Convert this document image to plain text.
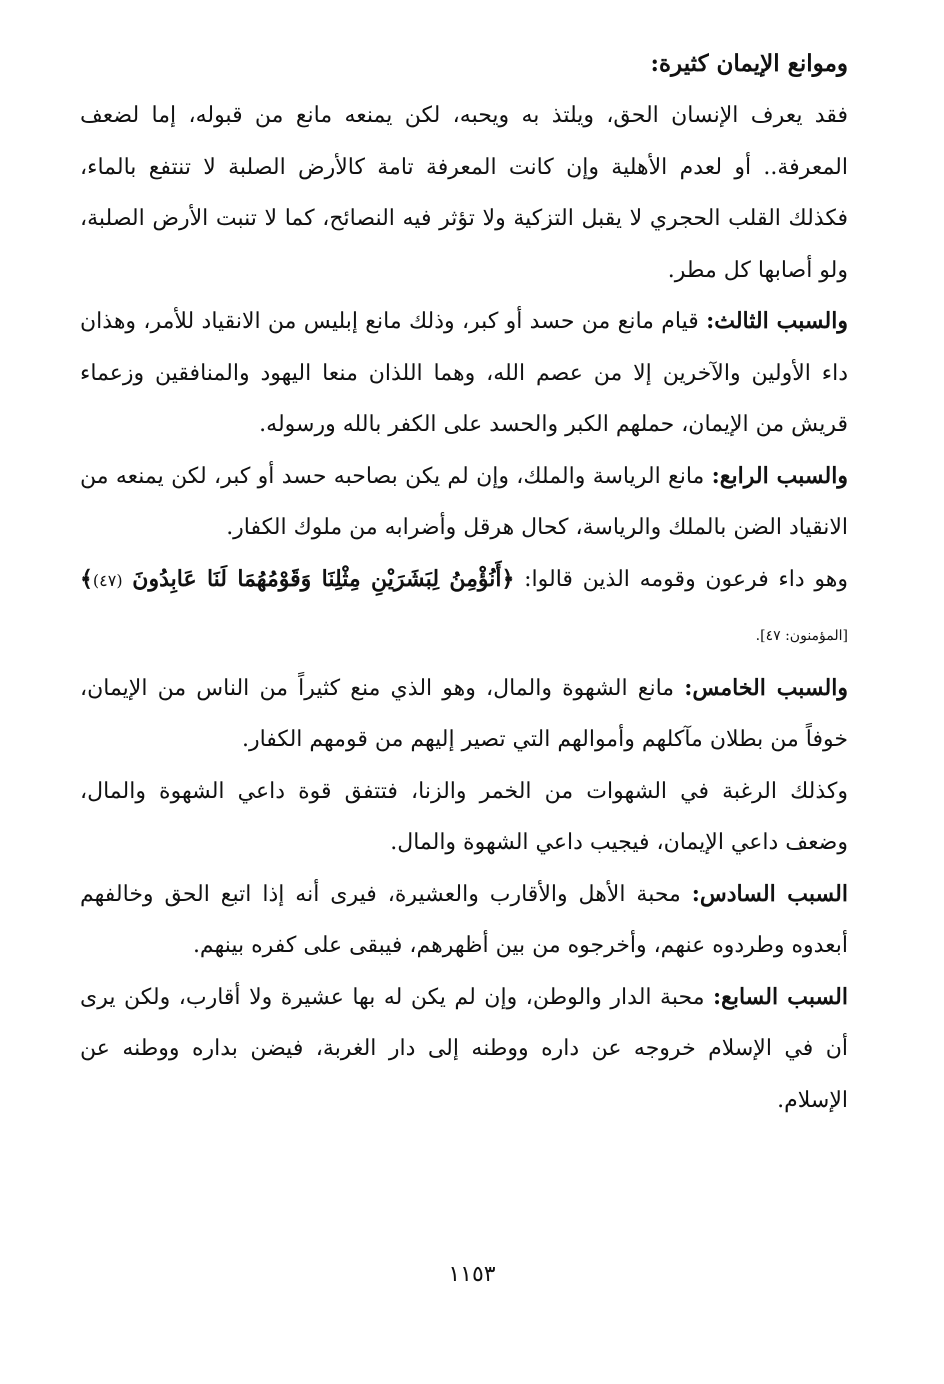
وموانع الإيمان كثيرة:

فقد يعرف الإنسان الحق، ويلتذ به ويحبه، لكن يمنعه مانع من قبوله، إما لضعف المعرفة.. أو لعدم الأهلية وإن كانت المعرفة تامة كالأرض الصلبة لا تنتفع بالماء، فكذلك القلب الحجري لا يقبل التزكية ولا تؤثر فيه النصائح، كما لا تنبت الأرض الصلبة، ولو أصابها كل مطر.

والسبب الثالث: قيام مانع من حسد أو كبر، وذلك مانع إبليس من الانقياد للأمر، وهذان داء الأولين والآخرين إلا من عصم الله، وهما اللذان منعا اليهود والمنافقين وزعماء قريش من الإيمان، حملهم الكبر والحسد على الكفر بالله ورسوله.

والسبب الرابع: مانع الرياسة والملك، وإن لم يكن بصاحبه حسد أو كبر، لكن يمنعه من الانقياد الضن بالملك والرياسة، كحال هرقل وأضرابه من ملوك الكفار.

وهو داء فرعون وقومه الذين قالوا: ﴿أَنُؤْمِنُ لِبَشَرَيْنِ مِثْلِنَا وَقَوْمُهُمَا لَنَا عَابِدُونَ (٤٧)﴾ [المؤمنون: ٤٧].

والسبب الخامس: مانع الشهوة والمال، وهو الذي منع كثيراً من الناس من الإيمان، خوفاً من بطلان مآكلهم وأموالهم التي تصير إليهم من قومهم الكفار.

وكذلك الرغبة في الشهوات من الخمر والزنا، فتتفق قوة داعي الشهوة والمال، وضعف داعي الإيمان، فيجيب داعي الشهوة والمال.

السبب السادس: محبة الأهل والأقارب والعشيرة، فيرى أنه إذا اتبع الحق وخالفهم أبعدوه وطردوه عنهم، وأخرجوه من بين أظهرهم، فيبقى على كفره بينهم.

السبب السابع: محبة الدار والوطن، وإن لم يكن له بها عشيرة ولا أقارب، ولكن يرى أن في الإسلام خروجه عن داره ووطنه إلى دار الغربة، فيضن بداره ووطنه عن الإسلام.

١١٥٣
